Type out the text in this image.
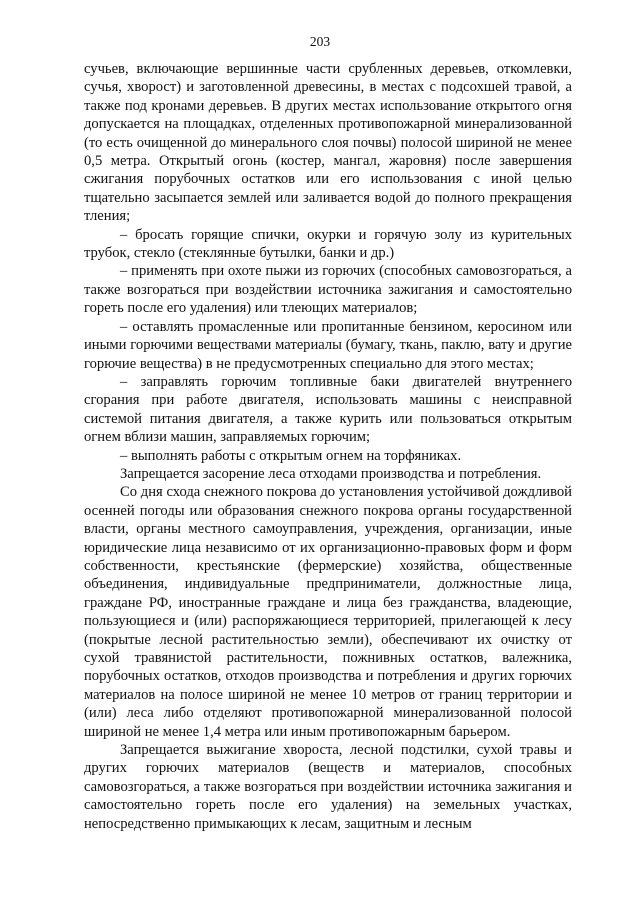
203

сучьев, включающие вершинные части срубленных деревьев, откомлевки, сучья, хворост) и заготовленной древесины, в местах с подсохшей травой, а также под кронами деревьев. В других местах использование открытого огня допускается на площадках, отделенных противопожарной минерализованной (то есть очищенной до минерального слоя почвы) полосой шириной не менее 0,5 метра. Открытый огонь (костер, мангал, жаровня) после завершения сжигания порубочных остатков или его использования с иной целью тщательно засыпается землей или заливается водой до полного прекращения тления;

– бросать горящие спички, окурки и горячую золу из курительных трубок, стекло (стеклянные бутылки, банки и др.)

– применять при охоте пыжи из горючих (способных самовозгораться, а также возгораться при воздействии источника зажигания и самостоятельно гореть после его удаления) или тлеющих материалов;

– оставлять промасленные или пропитанные бензином, керосином или иными горючими веществами материалы (бумагу, ткань, паклю, вату и другие горючие вещества) в не предусмотренных специально для этого местах;

– заправлять горючим топливные баки двигателей внутреннего сгорания при работе двигателя, использовать машины с неисправной системой питания двигателя, а также курить или пользоваться открытым огнем вблизи машин, заправляемых горючим;

– выполнять работы с открытым огнем на торфяниках.

Запрещается засорение леса отходами производства и потребления.

Со дня схода снежного покрова до установления устойчивой дождливой осенней погоды или образования снежного покрова органы государственной власти, органы местного самоуправления, учреждения, организации, иные юридические лица независимо от их организационно-правовых форм и форм собственности, крестьянские (фермерские) хозяйства, общественные объединения, индивидуальные предприниматели, должностные лица, граждане РФ, иностранные граждане и лица без гражданства, владеющие, пользующиеся и (или) распоряжающиеся территорией, прилегающей к лесу (покрытые лесной растительностью земли), обеспечивают их очистку от сухой травянистой растительности, пожнивных остатков, валежника, порубочных остатков, отходов производства и потребления и других горючих материалов на полосе шириной не менее 10 метров от границ территории и (или) леса либо отделяют противопожарной минерализованной полосой шириной не менее 1,4 метра или иным противопожарным барьером.

Запрещается выжигание хворостa, лесной подстилки, сухой травы и других горючих материалов (веществ и материалов, способных самовозгораться, а также возгораться при воздействии источника зажигания и самостоятельно гореть после его удаления) на земельных участках, непосредственно примыкающих к лесам, защитным и лесным
